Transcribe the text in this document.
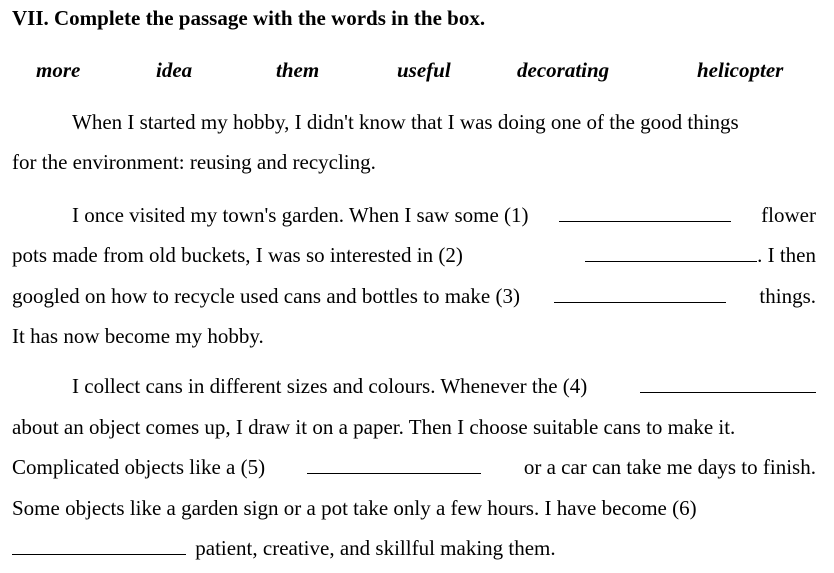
VII. Complete the passage with the words in the box.
more	idea	them	useful	decorating	helicopter
When I started my hobby, I didn't know that I was doing one of the good things
for the environment: reusing and recycling.
I once visited my town's garden. When I saw some (1)	flower
pots made from old buckets, I was so interested in (2)	. I then
googled on how to recycle used cans and bottles to make (3)	things.
It has now become my hobby.
I collect cans in different sizes and colours. Whenever the (4)
about an object comes up, I draw it on a paper. Then I choose suitable cans to make it.
Complicated objects like a (5)	or a car can take me days to finish.
Some objects like a garden sign or a pot take only a few hours. I have become (6)
patient, creative, and skillful making them.
